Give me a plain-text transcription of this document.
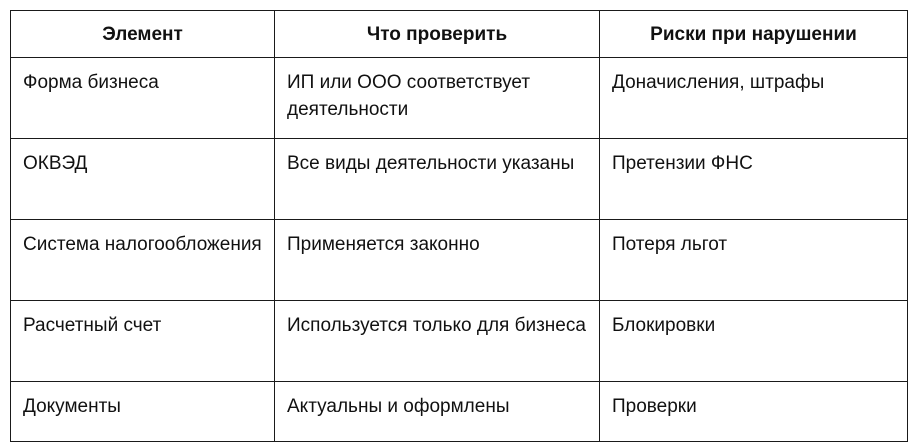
Элемент	Что проверить	Риски при нарушении
Форма бизнеса	ИП или ООО соответствует деятельности	Доначисления, штрафы
ОКВЭД	Все виды деятельности указаны	Претензии ФНС
Система налогообложения	Применяется законно	Потеря льгот
Расчетный счет	Используется только для бизнеса	Блокировки
Документы	Актуальны и оформлены	Проверки
